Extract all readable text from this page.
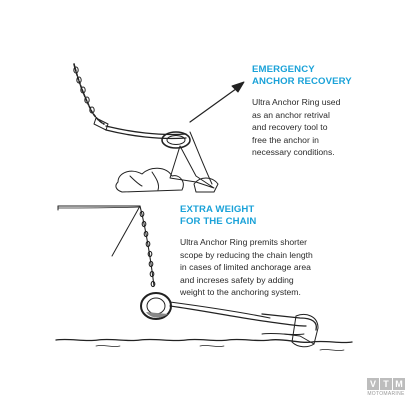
EMERGENCY
ANCHOR RECOVERY
Ultra Anchor Ring used
as an anchor retrival
and recovery tool to
free the anchor in
necessary conditions.
EXTRA WEIGHT
FOR THE CHAIN
Ultra Anchor Ring premits shorter
scope by reducing the chain length
in cases of limited anchorage area
and increses safety by adding
weight to the anchoring system.
V T M
MOTOMARINE
